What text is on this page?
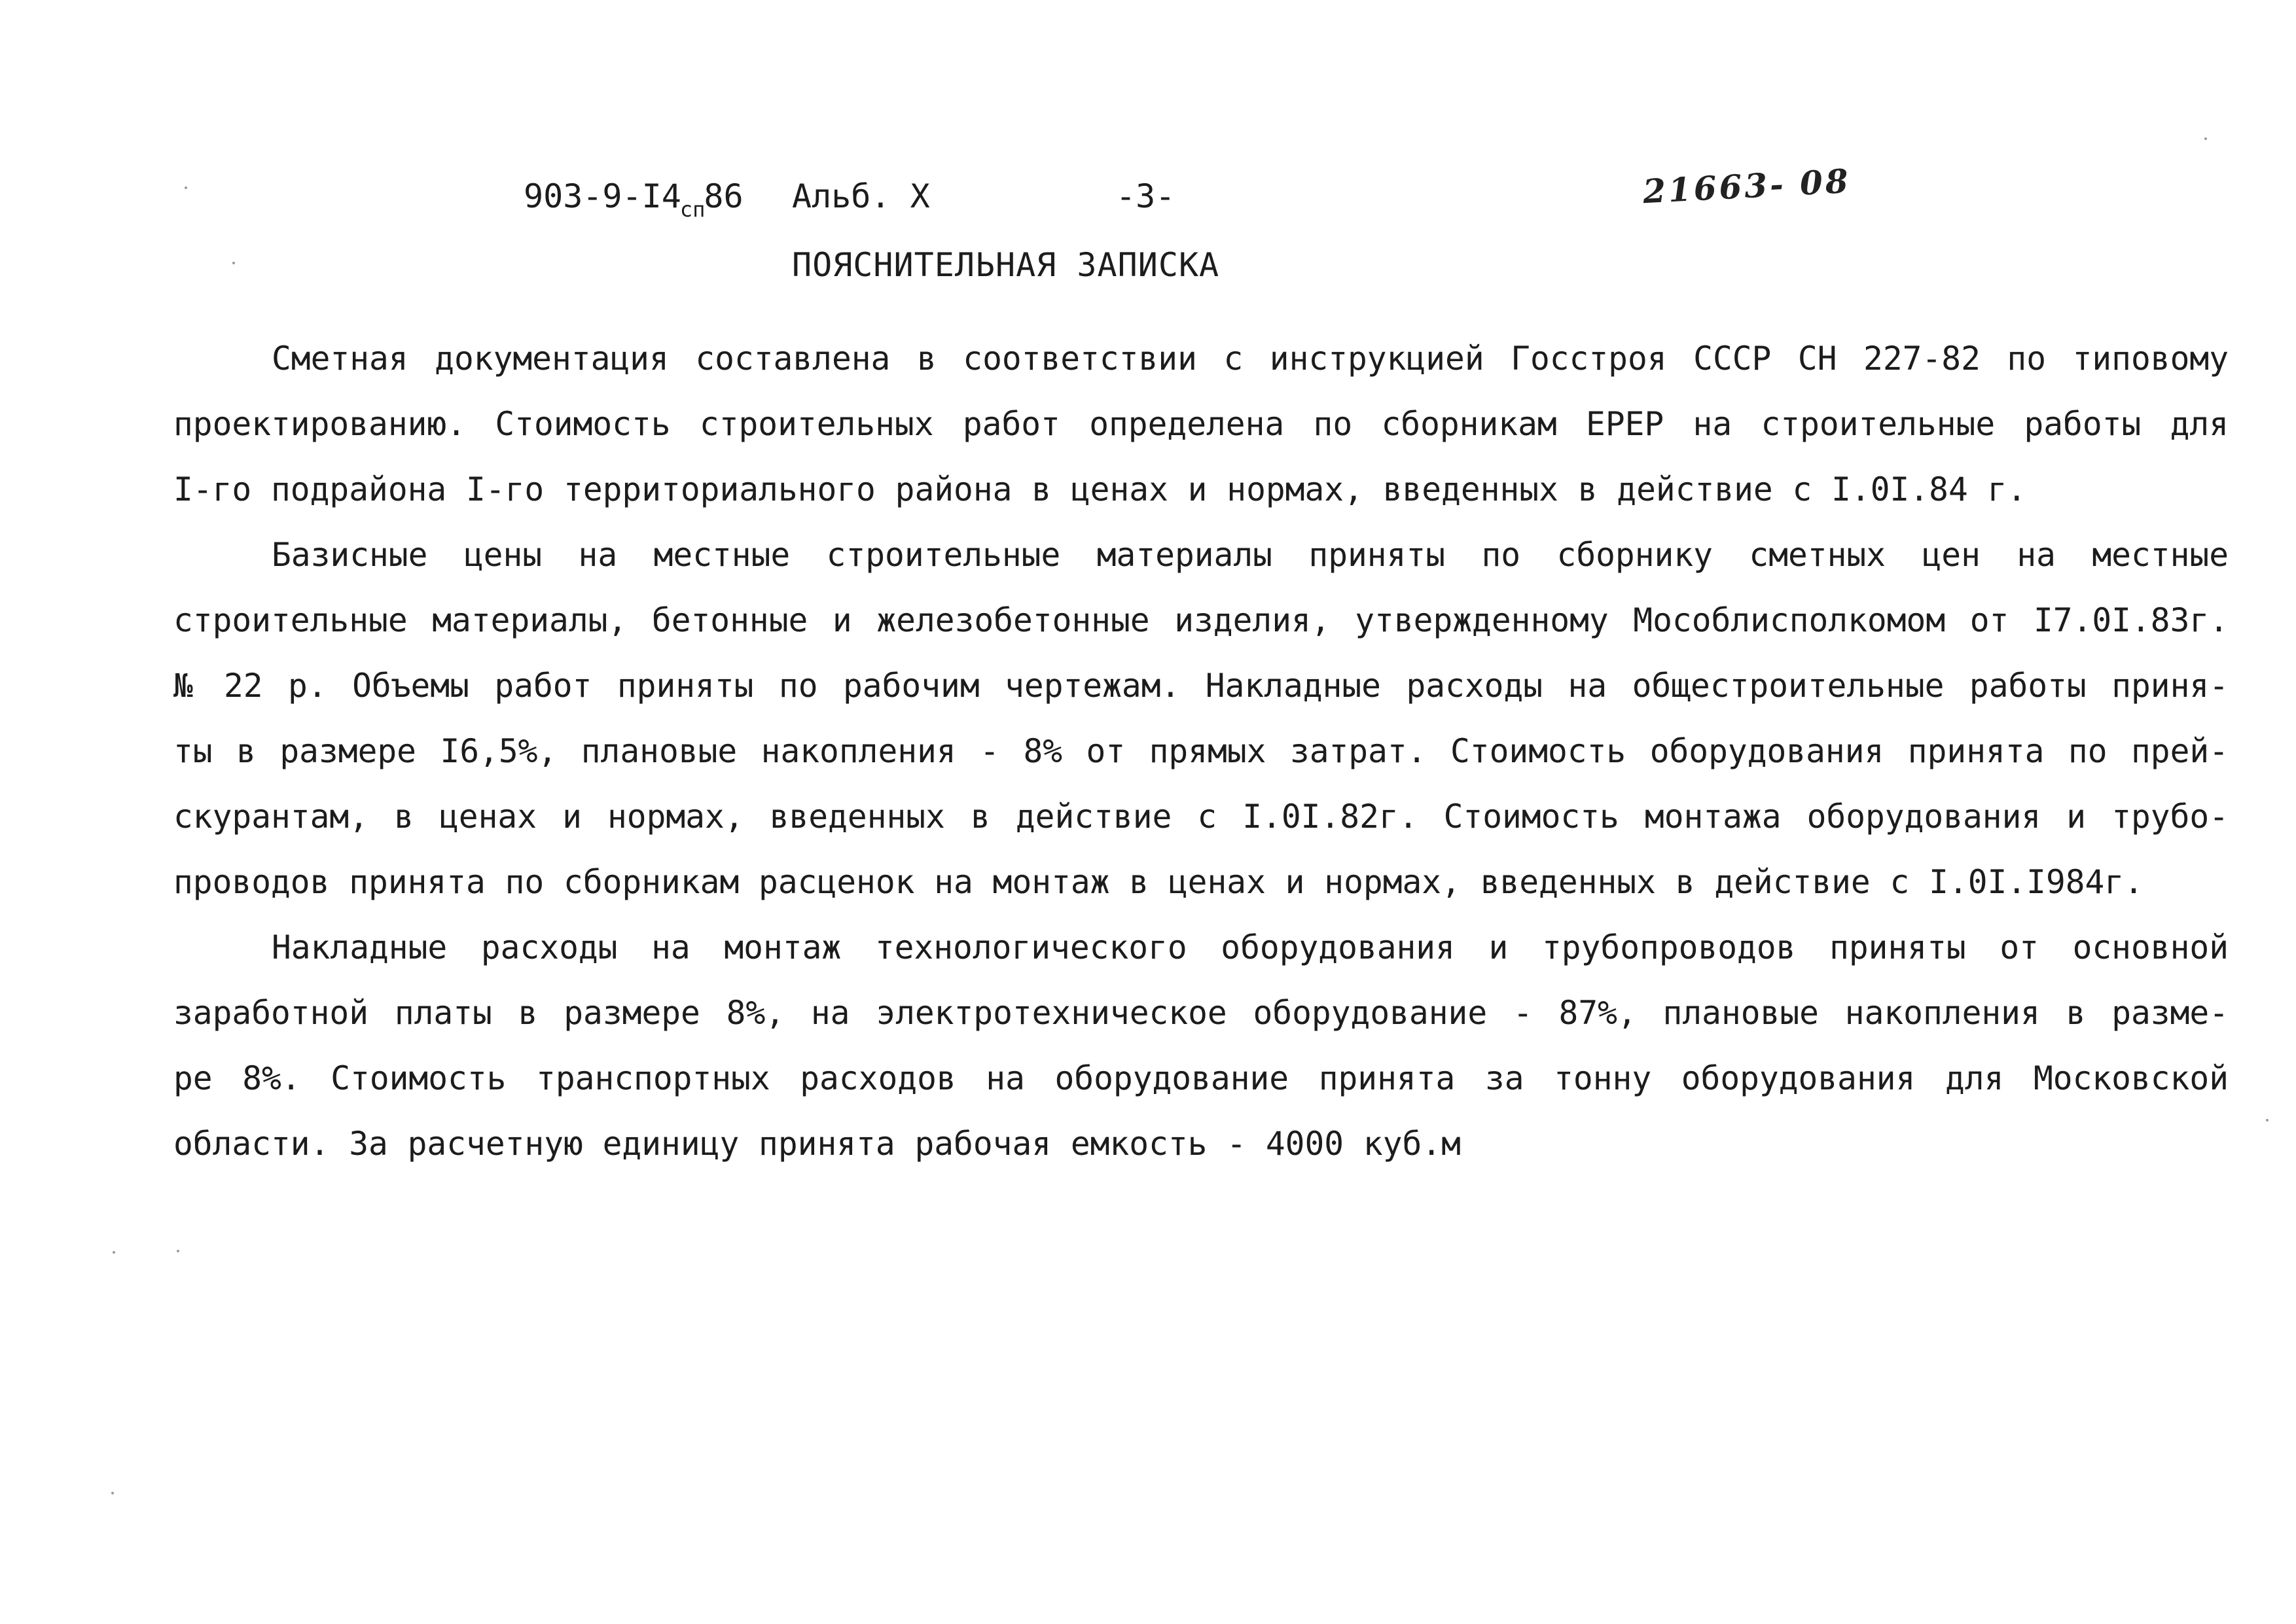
$903-9-I4_{сп}86$ Альб. X	-3-	21663- 08
ПОЯСНИТЕЛЬНАЯ ЗАПИСКА
Сметная документация составлена в соответствии с инструкцией Госстроя СССР СН 227-82 по типовому
проектированию. Стоимость строительных работ определена по сборникам ЕРЕР на строительные работы для
I-го подрайона I-го территориального района в ценах и нормах, введенных в действие с I.0I.84 г.
Базисные цены на местные строительные материалы приняты по сборнику сметных цен на местные
строительные материалы, бетонные и железобетонные изделия, утвержденному Мособлисполкомом от I7.0I.83г.
№ 22 р. Объемы работ приняты по рабочим чертежам. Накладные расходы на общестроительные работы приня-
ты в размере I6,5%, плановые накопления - 8% от прямых затрат. Стоимость оборудования принята по прей-
скурантам, в ценах и нормах, введенных в действие с I.0I.82г. Стоимость монтажа оборудования и трубо-
проводов принята по сборникам расценок на монтаж в ценах и нормах, введенных в действие с I.0I.I984г.
Накладные расходы на монтаж технологического оборудования и трубопроводов приняты от основной
заработной платы в размере 8%, на электротехническое оборудование - 87%, плановые накопления в разме-
ре 8%. Стоимость транспортных расходов на оборудование принята за тонну оборудования для Московской
области. За расчетную единицу принята рабочая емкость - 4000 куб.м
